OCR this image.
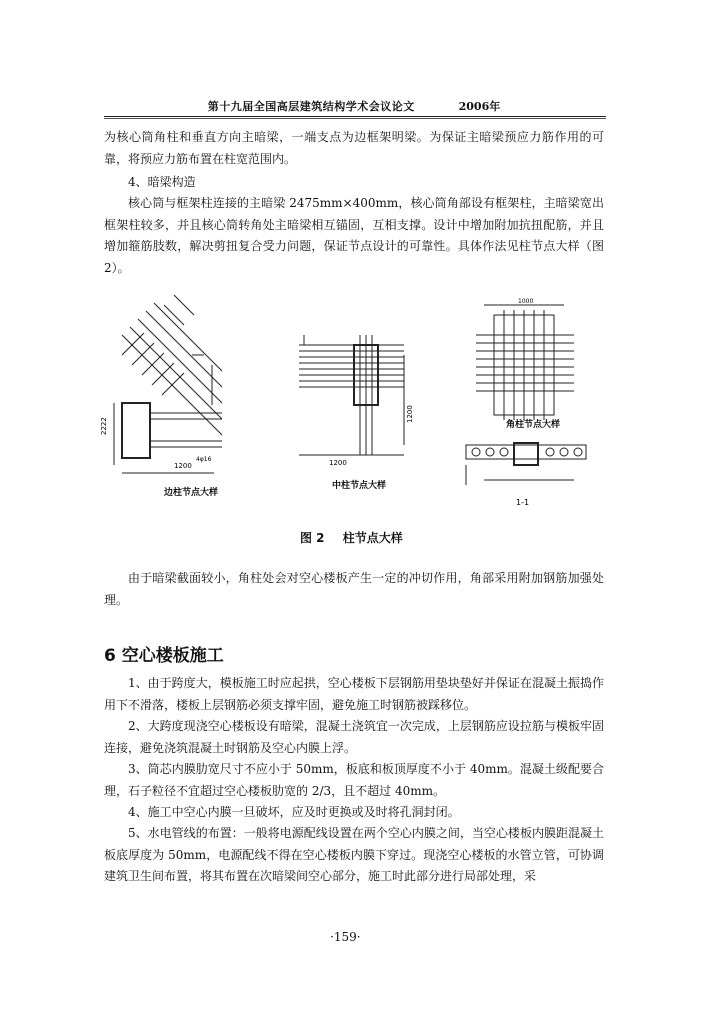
第十九届全国高层建筑结构学术会议论文	2006年
为核心筒角柱和垂直方向主暗梁，一端支点为边框架明梁。为保证主暗梁预应力筋作用的可靠，将预应力筋布置在柱宽范围内。
4、暗梁构造
核心筒与框架柱连接的主暗梁 2475mm×400mm，核心筒角部设有框架柱，主暗梁宽出框架柱较多，并且核心筒转角处主暗梁相互锚固，互相支撑。设计中增加附加抗扭配筋，并且增加箍筋肢数，解决剪扭复合受力问题，保证节点设计的可靠性。具体作法见柱节点大样（图2）。
边柱节点大样
1200
2222
4φ16	1200
1200
中柱节点大样
1000
角柱节点大样
1-1
图 2 柱节点大样
由于暗梁截面较小，角柱处会对空心楼板产生一定的冲切作用，角部采用附加钢筋加强处理。
6 空心楼板施工
1、由于跨度大，模板施工时应起拱，空心楼板下层钢筋用垫块垫好并保证在混凝土振捣作用下不滑落，楼板上层钢筋必须支撑牢固，避免施工时钢筋被踩移位。
2、大跨度现浇空心楼板设有暗梁，混凝土浇筑宜一次完成，上层钢筋应设拉筋与模板牢固连接，避免浇筑混凝土时钢筋及空心内膜上浮。
3、筒芯内膜肋宽尺寸不应小于 50mm，板底和板顶厚度不小于 40mm。混凝土级配要合理，石子粒径不宜超过空心楼板肋宽的 2/3，且不超过 40mm。
4、施工中空心内膜一旦破坏，应及时更换或及时将孔洞封闭。
5、水电管线的布置：一般将电源配线设置在两个空心内膜之间，当空心楼板内膜距混凝土板底厚度为 50mm，电源配线不得在空心楼板内膜下穿过。现浇空心楼板的水管立管，可协调建筑卫生间布置，将其布置在次暗梁间空心部分，施工时此部分进行局部处理，采
·159·
